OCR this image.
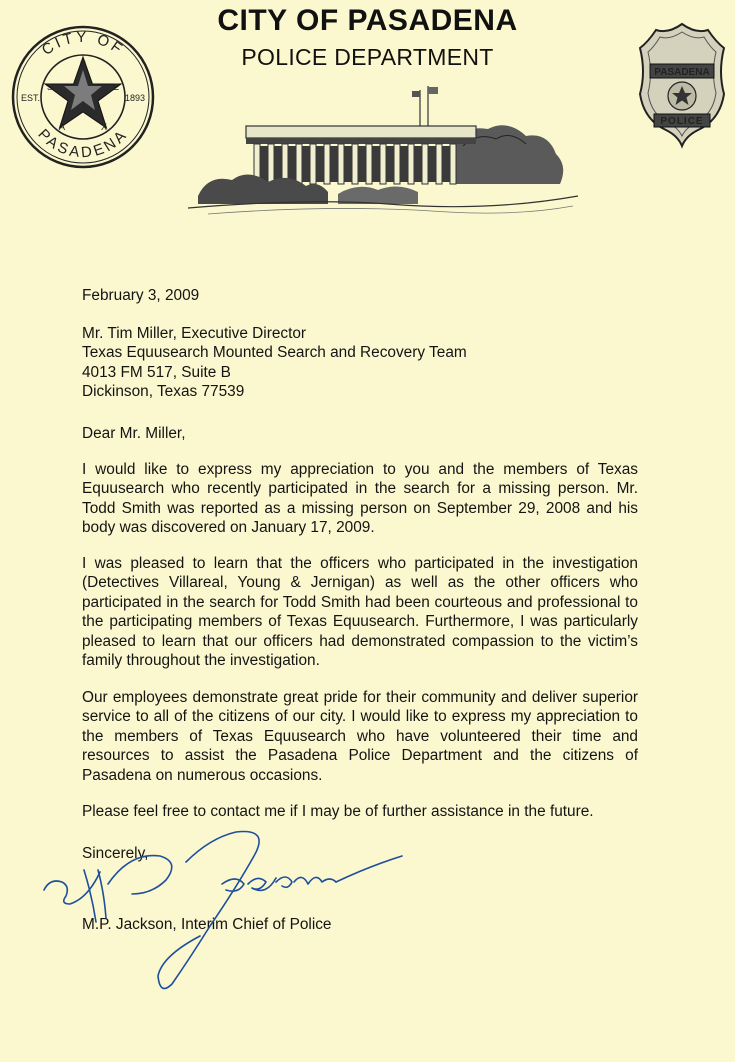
CITY OF PASADENA
POLICE DEPARTMENT
CITY OF
PASADENA
EST.	1893
T
E
X
A
S
PASADENA
POLICE
February 3, 2009

Mr. Tim Miller, Executive Director

Texas Equusearch Mounted Search and Recovery Team

4013 FM 517, Suite B

Dickinson, Texas 77539

Dear Mr. Miller,
I would like to express my appreciation to you and the members of Texas Equusearch who recently participated in the search for a missing person. Mr. Todd Smith was reported as a missing person on September 29, 2008 and his body was discovered on January 17, 2009.
I was pleased to learn that the officers who participated in the investigation (Detectives Villareal, Young & Jernigan) as well as the other officers who participated in the search for Todd Smith had been courteous and professional to the participating members of Texas Equusearch. Furthermore, I was particularly pleased to learn that our officers had demonstrated compassion to the victim’s family throughout the investigation.
Our employees demonstrate great pride for their community and deliver superior service to all of the citizens of our city. I would like to express my appreciation to the members of Texas Equusearch who have volunteered their time and resources to assist the Pasadena Police Department and the citizens of Pasadena on numerous occasions.
Please feel free to contact me if I may be of further assistance in the future.
Sincerely,
M.P. Jackson, Interim Chief of Police
